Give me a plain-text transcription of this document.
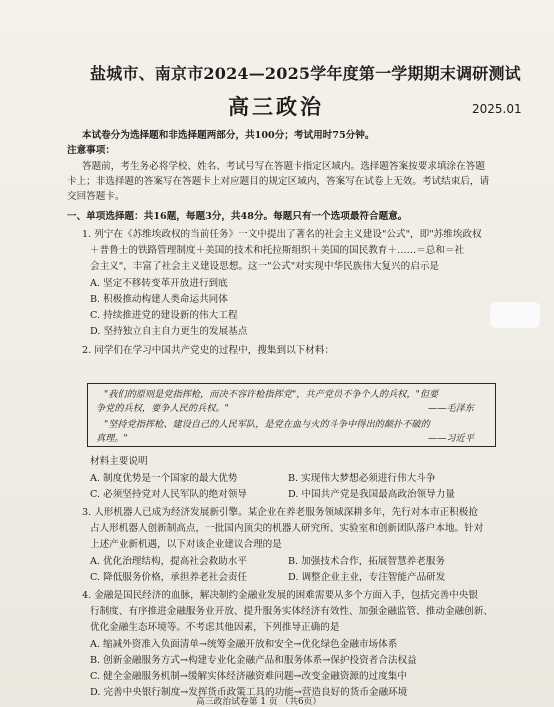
盐城市、南京市2024—2025学年度第一学期期末调研测试
高三政治	2025.01
本试卷分为选择题和非选择题两部分，共100分；考试用时75分钟。
注意事项：
答题前，考生务必将学校、姓名、考试号写在答题卡指定区域内。选择题答案按要求填涂在答题
卡上；非选择题的答案写在答题卡上对应题目的规定区域内，答案写在试卷上无效。考试结束后，请
交回答题卡。
一、单项选择题：共16题，每题3分，共48分。每题只有一个选项最符合题意。
1. 列宁在《苏维埃政权的当前任务》一文中提出了著名的社会主义建设"公式"，即"苏维埃政权
＋普鲁士的铁路管理制度＋美国的技术和托拉斯组织＋美国的国民教育＋……＝总和＝社
会主义"，丰富了社会主义建设思想。这一"公式"对实现中华民族伟大复兴的启示是
A. 坚定不移转变革开放进行到底
B. 积极推动构建人类命运共同体
C. 持续推进党的建设新的伟大工程
D. 坚持独立自主自力更生的发展基点
2. 同学们在学习中国共产党史的过程中，搜集到以下材料：
"我们的原则是党指挥枪，而决不容许枪指挥党"，共产党员不争个人的兵权，"但要
争党的兵权，要争人民的兵权。"	——毛泽东
"坚持党指挥枪、建设自己的人民军队，是党在血与火的斗争中得出的颠扑不破的
真理。"	——习近平
材料主要说明
A. 制度优势是一个国家的最大优势	B. 实现伟大梦想必须进行伟大斗争
C. 必须坚持党对人民军队的绝对领导	D. 中国共产党是我国最高政治领导力量
3. 人形机器人已成为经济发展新引擎。某企业在养老服务领域深耕多年，先行对本市正积极抢
占人形机器人创新制高点，一批国内顶尖的机器人研究所、实验室和创新团队落户本地。针对
上述产业新机遇，以下对该企业建议合理的是
A. 优化治理结构，提高社会救助水平	B. 加强技术合作，拓展智慧养老服务
C. 降低服务价格，承担养老社会责任	D. 调整企业主业，专注智能产品研发
4. 金融是国民经济的血脉，解决制约金融业发展的困难需要从多个方面入手，包括完善中央银
行制度、有序推进金融服务业开放、提升服务实体经济有效性、加强金融监管、推动金融创新、
优化金融生态环境等。不考虑其他因素，下列推导正确的是
A. 缩减外资准入负面清单→统筹金融开放和安全→优化绿色金融市场体系
B. 创新金融服务方式→构建专业化金融产品和服务体系→保护投资者合法权益
C. 健全金融服务机制→缓解实体经济融资难问题→改变金融资源的过度集中
D. 完善中央银行制度→发挥货币政策工具的功能→营造良好的货币金融环境
高三政治试卷第 1 页 （共6页）
